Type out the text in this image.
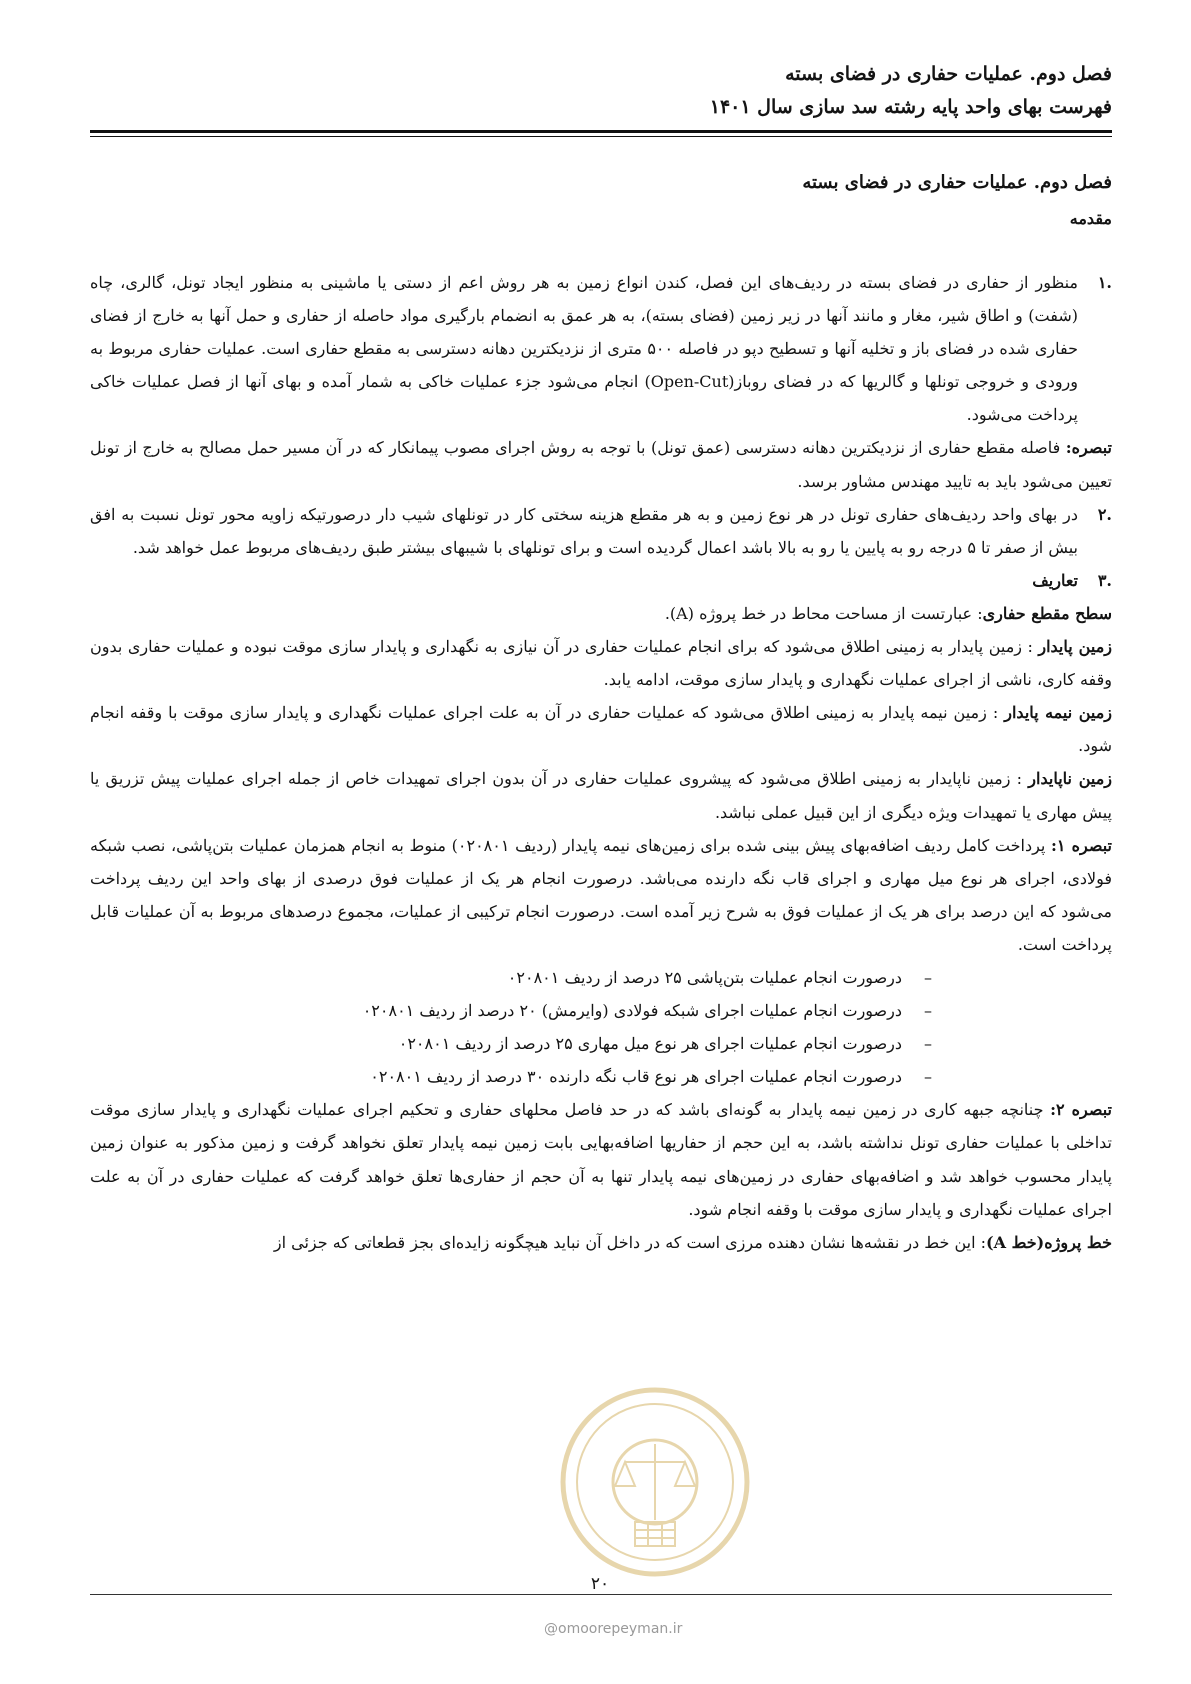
فصل دوم. عملیات حفاری در فضای بسته
فهرست بهای واحد پایه رشته سد سازی سال ۱۴۰۱
فصل دوم. عملیات حفاری در فضای بسته
مقدمه

.۱
منظور از حفاری در فضای بسته در ردیف‌های این فصل، کندن انواع زمین به هر روش اعم از دستی یا ماشینی به منظور ایجاد تونل، گالری، چاه (شفت) و اطاق شیر، مغار و مانند آنها در زیر زمین (فضای بسته)، به هر عمق به انضمام بارگیری مواد حاصله از حفاری و حمل آنها به خارج از فضای حفاری شده در فضای باز و تخلیه آنها و تسطیح دپو در فاصله ۵۰۰ متری از نزدیکترین دهانه دسترسی به مقطع حفاری است. عملیات حفاری مربوط به ورودی و خروجی تونلها و گالریها که در فضای روباز(Open-Cut) انجام می‌شود جزء عملیات خاکی به شمار آمده و بهای آنها از فصل عملیات خاکی پرداخت می‌شود.

تبصره: فاصله مقطع حفاری از نزدیکترین دهانه دسترسی (عمق تونل) با توجه به روش اجرای مصوب پیمانکار که در آن مسیر حمل مصالح به خارج از تونل تعیین می‌شود باید به تایید مهندس مشاور برسد.

.۲
در بهای واحد ردیف‌های حفاری تونل در هر نوع زمین و به هر مقطع هزینه سختی کار در تونلهای شیب دار درصورتیکه زاویه محور تونل نسبت به افق بیش از صفر تا ۵ درجه رو به پایین یا رو به بالا باشد اعمال گردیده است و برای تونلهای با شیبهای بیشتر طبق ردیف‌های مربوط عمل خواهد شد.

.۳
تعاریف

سطح مقطع حفاری: عبارتست از مساحت محاط در خط پروژه (A).

زمین پایدار : زمین پایدار به زمینی اطلاق می‌شود که برای انجام عملیات حفاری در آن نیازی به نگهداری و پایدار سازی موقت نبوده و عملیات حفاری بدون وقفه کاری، ناشی از اجرای عملیات نگهداری و پایدار سازی موقت، ادامه یابد.

زمین نیمه پایدار : زمین نیمه پایدار به زمینی اطلاق می‌شود که عملیات حفاری در آن به علت اجرای عملیات نگهداری و پایدار سازی موقت با وقفه انجام شود.

زمین ناپایدار : زمین ناپایدار به زمینی اطلاق می‌شود که پیشروی عملیات حفاری در آن بدون اجرای تمهیدات خاص از جمله اجرای عملیات پیش تزریق یا پیش مهاری یا تمهیدات ویژه دیگری از این قبیل عملی نباشد.

تبصره ۱: پرداخت کامل ردیف اضافه‌بهای پیش بینی شده برای زمین‌های نیمه پایدار (ردیف ۰۲۰۸۰۱) منوط به انجام همزمان عملیات بتن‌پاشی، نصب شبکه فولادی، اجرای هر نوع میل مهاری و اجرای قاب نگه دارنده می‌باشد. درصورت انجام هر یک از عملیات فوق درصدی از بهای واحد این ردیف پرداخت می‌شود که این درصد برای هر یک از عملیات فوق به شرح زیر آمده است. درصورت انجام ترکیبی از عملیات، مجموع درصدهای مربوط به آن عملیات قابل پرداخت است.

–
درصورت انجام عملیات بتن‌پاشی ۲۵ درصد از ردیف ۰۲۰۸۰۱

–
درصورت انجام عملیات اجرای شبکه فولادی (وایرمش) ۲۰ درصد از ردیف ۰۲۰۸۰۱

–
درصورت انجام عملیات اجرای هر نوع میل مهاری ۲۵ درصد از ردیف ۰۲۰۸۰۱

–
درصورت انجام عملیات اجرای هر نوع قاب نگه دارنده ۳۰ درصد از ردیف ۰۲۰۸۰۱

تبصره ۲: چنانچه جبهه کاری در زمین نیمه پایدار به گونه‌ای باشد که در حد فاصل محلهای حفاری و تحکیم اجرای عملیات نگهداری و پایدار سازی موقت تداخلی با عملیات حفاری تونل نداشته باشد، به این حجم از حفاریها اضافه‌بهایی بابت زمین نیمه پایدار تعلق نخواهد گرفت و زمین مذکور به عنوان زمین پایدار محسوب خواهد شد و اضافه‌بهای حفاری در زمین‌های نیمه پایدار تنها به آن حجم از حفاری‌ها تعلق خواهد گرفت که عملیات حفاری در آن به علت اجرای عملیات نگهداری و پایدار سازی موقت با وقفه انجام شود.

خط پروژه(خط A): این خط در نقشه‌ها نشان دهنده مرزی است که در داخل آن نباید هیچگونه زایده‌ای بجز قطعاتی که جزئی از

۲۰
@omoorepeyman.ir
